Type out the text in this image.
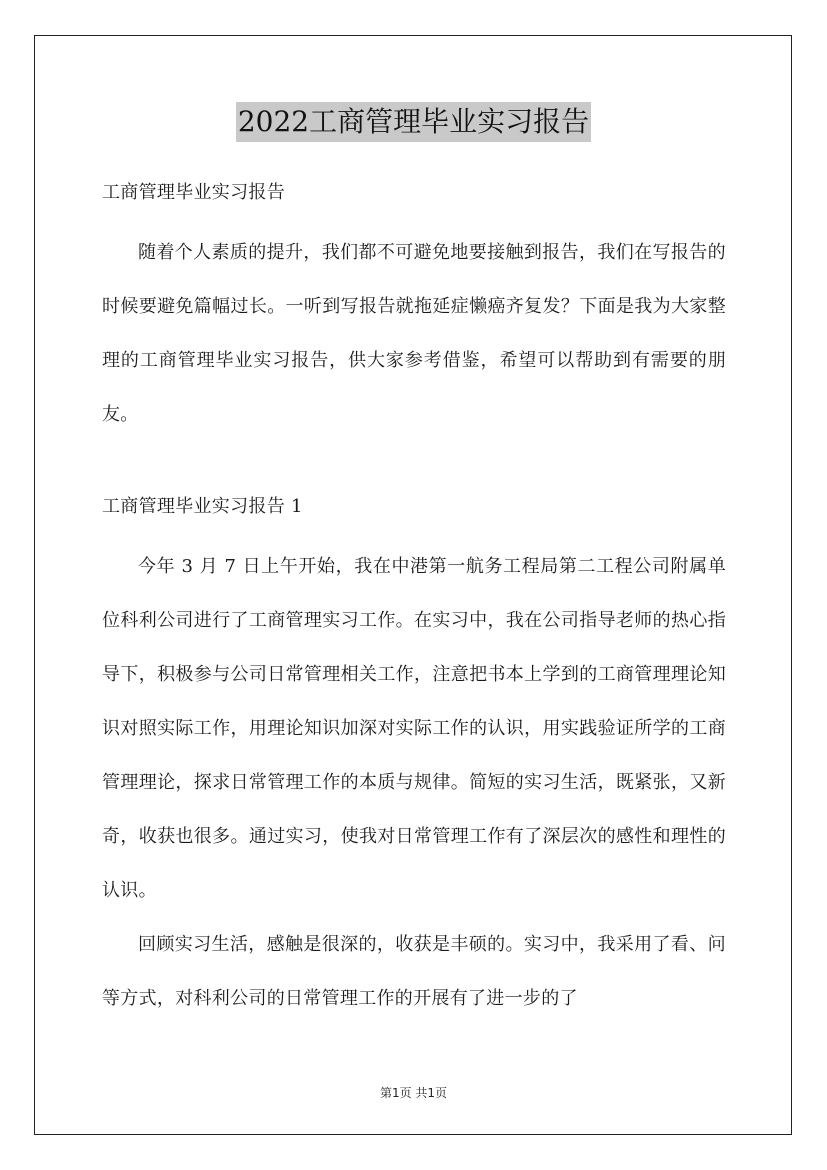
2022工商管理毕业实习报告

工商管理毕业实习报告

随着个人素质的提升，我们都不可避免地要接触到报告，我们在写报告的时候要避免篇幅过长。一听到写报告就拖延症懒癌齐复发？下面是我为大家整理的工商管理毕业实习报告，供大家参考借鉴，希望可以帮助到有需要的朋友。

工商管理毕业实习报告 1

今年 3 月 7 日上午开始，我在中港第一航务工程局第二工程公司附属单位科利公司进行了工商管理实习工作。在实习中，我在公司指导老师的热心指导下，积极参与公司日常管理相关工作，注意把书本上学到的工商管理理论知识对照实际工作，用理论知识加深对实际工作的认识，用实践验证所学的工商管理理论，探求日常管理工作的本质与规律。简短的实习生活，既紧张，又新奇，收获也很多。通过实习，使我对日常管理工作有了深层次的感性和理性的认识。

回顾实习生活，感触是很深的，收获是丰硕的。实习中，我采用了看、问等方式，对科利公司的日常管理工作的开展有了进一步的了

第1页 共1页
